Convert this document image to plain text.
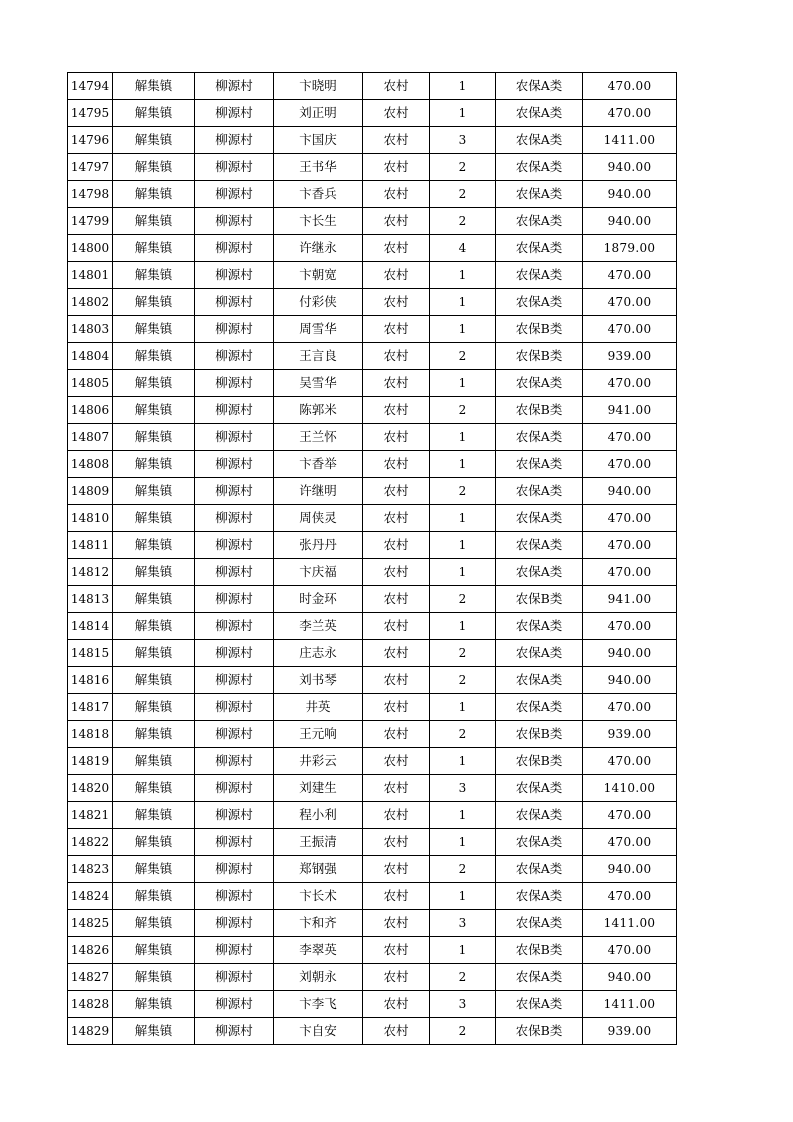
14794	解集镇	柳源村	卞晓明	农村	1	农保A类	470.00
14795	解集镇	柳源村	刘正明	农村	1	农保A类	470.00
14796	解集镇	柳源村	卞国庆	农村	3	农保A类	1411.00
14797	解集镇	柳源村	王书华	农村	2	农保A类	940.00
14798	解集镇	柳源村	卞香兵	农村	2	农保A类	940.00
14799	解集镇	柳源村	卞长生	农村	2	农保A类	940.00
14800	解集镇	柳源村	许继永	农村	4	农保A类	1879.00
14801	解集镇	柳源村	卞朝宽	农村	1	农保A类	470.00
14802	解集镇	柳源村	付彩侠	农村	1	农保A类	470.00
14803	解集镇	柳源村	周雪华	农村	1	农保B类	470.00
14804	解集镇	柳源村	王言良	农村	2	农保B类	939.00
14805	解集镇	柳源村	吴雪华	农村	1	农保A类	470.00
14806	解集镇	柳源村	陈郭米	农村	2	农保B类	941.00
14807	解集镇	柳源村	王兰怀	农村	1	农保A类	470.00
14808	解集镇	柳源村	卞香举	农村	1	农保A类	470.00
14809	解集镇	柳源村	许继明	农村	2	农保A类	940.00
14810	解集镇	柳源村	周侠灵	农村	1	农保A类	470.00
14811	解集镇	柳源村	张丹丹	农村	1	农保A类	470.00
14812	解集镇	柳源村	卞庆福	农村	1	农保A类	470.00
14813	解集镇	柳源村	时金环	农村	2	农保B类	941.00
14814	解集镇	柳源村	李兰英	农村	1	农保A类	470.00
14815	解集镇	柳源村	庄志永	农村	2	农保A类	940.00
14816	解集镇	柳源村	刘书琴	农村	2	农保A类	940.00
14817	解集镇	柳源村	井英	农村	1	农保A类	470.00
14818	解集镇	柳源村	王元响	农村	2	农保B类	939.00
14819	解集镇	柳源村	井彩云	农村	1	农保B类	470.00
14820	解集镇	柳源村	刘建生	农村	3	农保A类	1410.00
14821	解集镇	柳源村	程小利	农村	1	农保A类	470.00
14822	解集镇	柳源村	王振清	农村	1	农保A类	470.00
14823	解集镇	柳源村	郑钢强	农村	2	农保A类	940.00
14824	解集镇	柳源村	卞长术	农村	1	农保A类	470.00
14825	解集镇	柳源村	卞和齐	农村	3	农保A类	1411.00
14826	解集镇	柳源村	李翠英	农村	1	农保B类	470.00
14827	解集镇	柳源村	刘朝永	农村	2	农保A类	940.00
14828	解集镇	柳源村	卞李飞	农村	3	农保A类	1411.00
14829	解集镇	柳源村	卞自安	农村	2	农保B类	939.00
